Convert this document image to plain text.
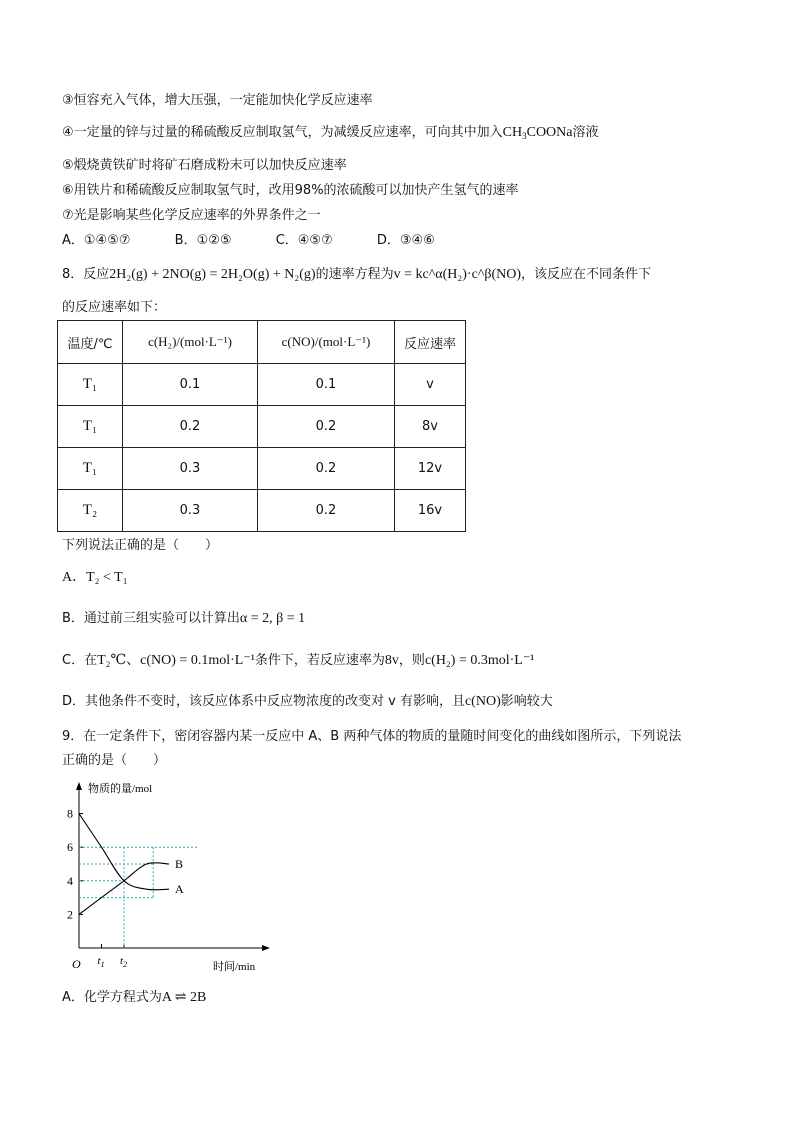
③恒容充入气体，增大压强，一定能加快化学反应速率
④一定量的锌与过量的稀硫酸反应制取氢气，为减缓反应速率，可向其中加入$CH_3COONa$溶液
⑤煅烧黄铁矿时将矿石磨成粉末可以加快反应速率
⑥用铁片和稀硫酸反应制取氢气时，改用98%的浓硫酸可以加快产生氢气的速率
⑦光是影响某些化学反应速率的外界条件之一
A．①④⑤⑦	B．①②⑤	C．④⑤⑦	D．③④⑥
8．反应2H₂(g) + 2NO(g) = 2H₂O(g) + N₂(g)的速率方程为v = kc^α(H₂)·c^β(NO)，该反应在不同条件下
的反应速率如下：
温度/℃	c(H₂)/(mol·L⁻¹)	c(NO)/(mol·L⁻¹)	反应速率
T₁	0.1	0.1	v
T₁	0.2	0.2	8v
T₁	0.3	0.2	12v
T₂	0.3	0.2	16v
下列说法正确的是（　　）
A．T₂ < T₁
B．通过前三组实验可以计算出α = 2, β = 1
C．在T₂℃、c(NO) = 0.1mol·L⁻¹条件下，若反应速率为8v，则c(H₂) = 0.3mol·L⁻¹
D．其他条件不变时，该反应体系中反应物浓度的改变对 v 有影响，且c(NO)影响较大
9．在一定条件下，密闭容器内某一反应中 A、B 两种气体的物质的量随时间变化的曲线如图所示，下列说法
正确的是（　　）
物质的量/mol
时间/min
O
2
4
6
8
$t_1$ $t_2$
A
B
A．化学方程式为A ⇌ 2B
